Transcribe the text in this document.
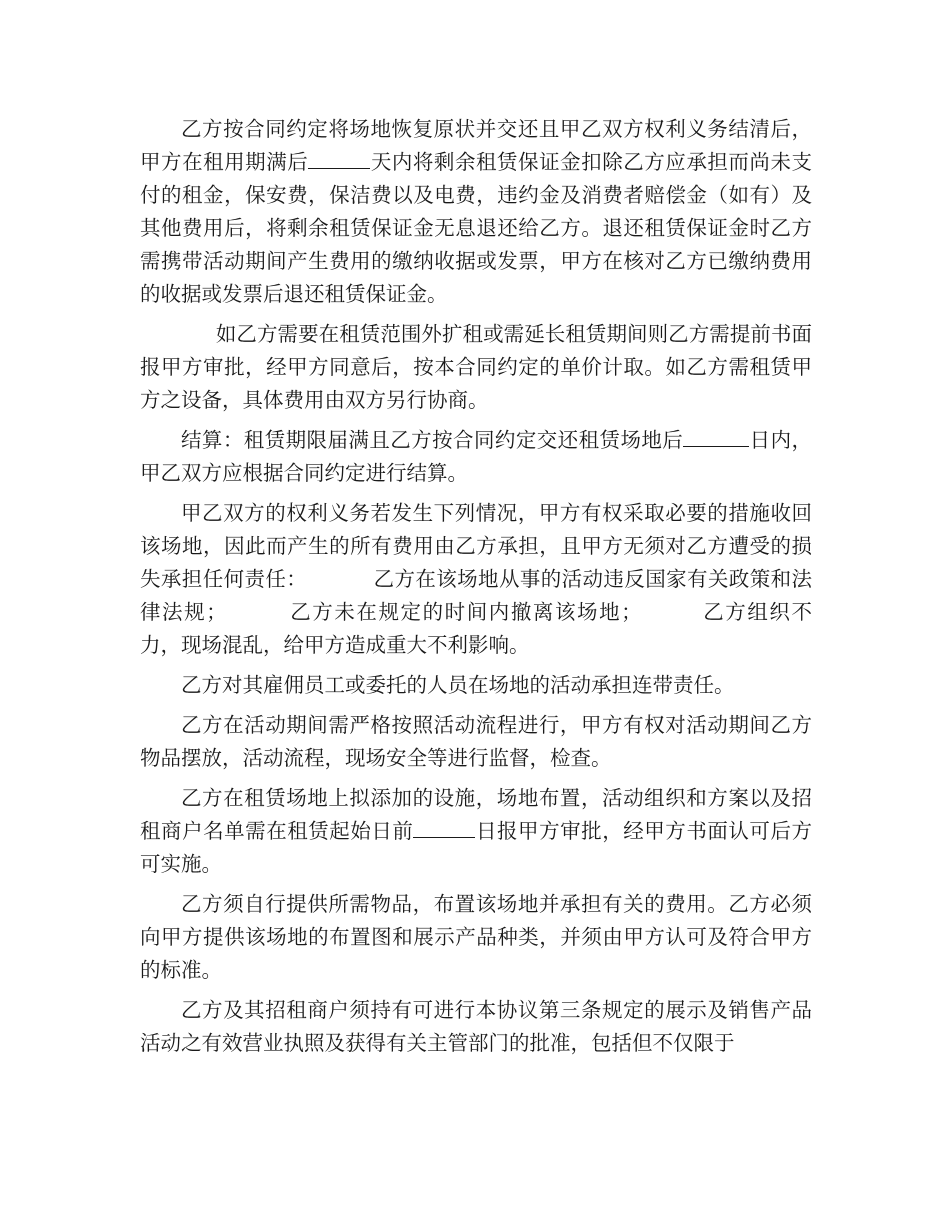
乙方按合同约定将场地恢复原状并交还且甲乙双方权利义务结清后，甲方在租用期满后	天内将剩余租赁保证金扣除乙方应承担而尚未支付的租金，保安费，保洁费以及电费，违约金及消费者赔偿金（如有）及其他费用后，将剩余租赁保证金无息退还给乙方。退还租赁保证金时乙方需携带活动期间产生费用的缴纳收据或发票，甲方在核对乙方已缴纳费用的收据或发票后退还租赁保证金。

如乙方需要在租赁范围外扩租或需延长租赁期间则乙方需提前书面报甲方审批，经甲方同意后，按本合同约定的单价计取。如乙方需租赁甲方之设备，具体费用由双方另行协商。

结算：租赁期限届满且乙方按合同约定交还租赁场地后	日内，甲乙双方应根据合同约定进行结算。

甲乙双方的权利义务若发生下列情况，甲方有权采取必要的措施收回该场地，因此而产生的所有费用由乙方承担，且甲方无须对乙方遭受的损失承担任何责任：	乙方在该场地从事的活动违反国家有关政策和法律法规；	乙方未在规定的时间内撤离该场地；	乙方组织不力，现场混乱，给甲方造成重大不利影响。

乙方对其雇佣员工或委托的人员在场地的活动承担连带责任。

乙方在活动期间需严格按照活动流程进行，甲方有权对活动期间乙方物品摆放，活动流程，现场安全等进行监督，检查。

乙方在租赁场地上拟添加的设施，场地布置，活动组织和方案以及招租商户名单需在租赁起始日前	日报甲方审批，经甲方书面认可后方可实施。

乙方须自行提供所需物品，布置该场地并承担有关的费用。乙方必须向甲方提供该场地的布置图和展示产品种类，并须由甲方认可及符合甲方的标准。

乙方及其招租商户须持有可进行本协议第三条规定的展示及销售产品活动之有效营业执照及获得有关主管部门的批准，包括但不仅限于
